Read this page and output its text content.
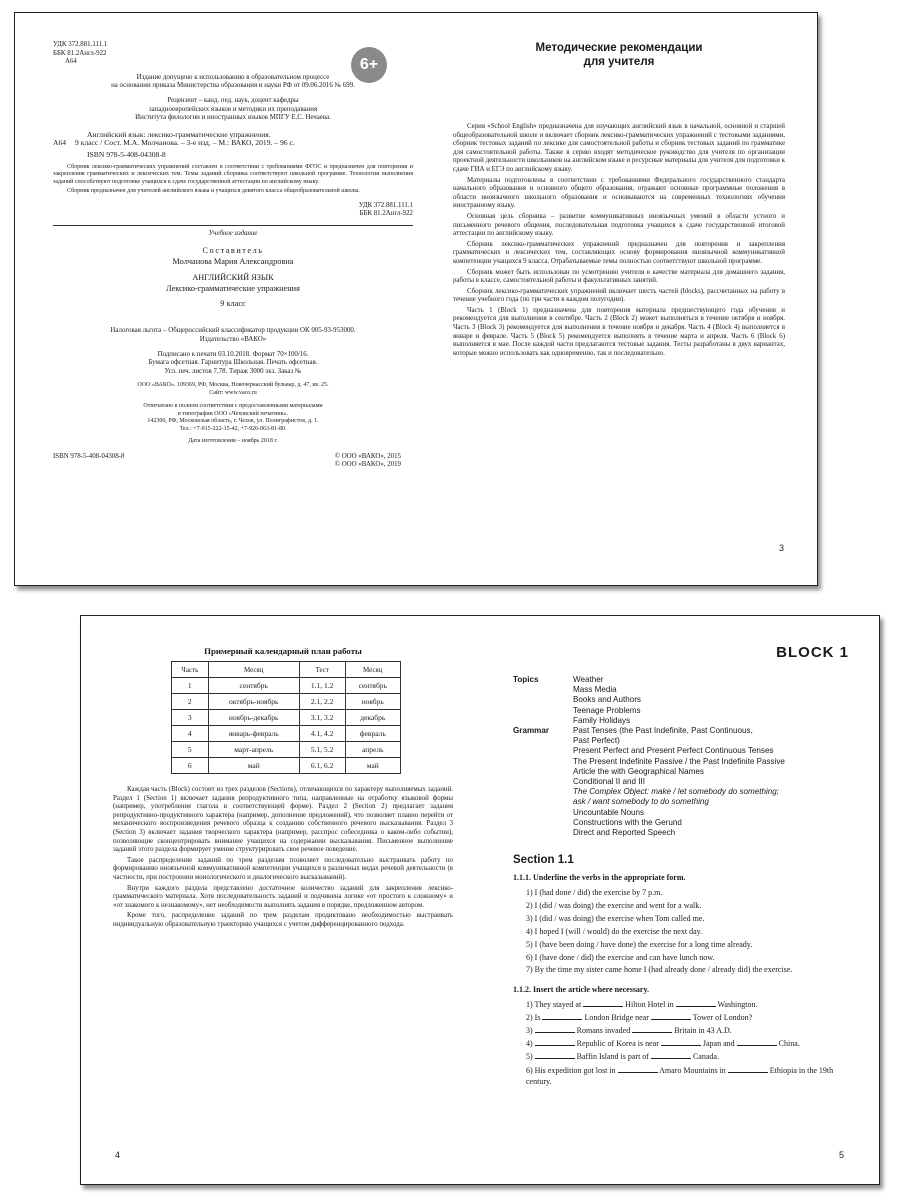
УДК 372.881.111.1
ББК 81.2Англ-922
А64	6+
Издание допущено к использованию в образовательном процессе
на основании приказа Министерства образования и науки РФ от 09.06.2016 № 699.
Рецензент – канд. пед. наук, доцент кафедры
западноевропейских языков и методики их преподавания
Института филологии и иностранных языков МПГУ Е.С. Нечаева.
Английский язык: лексико-грамматические упражнения.
А64	9 класс / Сост. М.А. Молчанова. – 3-е изд. – М.: ВАКО, 2019. – 96 с.
ISBN 978-5-408-04308-8
Сборник лексико-грамматических упражнений составлен в соответствии с требованиями ФГОС и предназначен для повторения и закрепления грамматических и лексических тем. Темы заданий сборника соответствуют школьной программе. Технологии выполнения заданий способствуют подготовке учащихся к сдаче государственной аттестации по английскому языку.
Сборник предназначен для учителей английского языка и учащихся девятого класса общеобразовательной школы.
УДК 372.881.111.1
ББК 81.2Англ-922
Учебное издание
Составитель
Молчанова Мария Александровна
АНГЛИЙСКИЙ ЯЗЫК
Лексико-грамматические упражнения
9 класс
Налоговая льгота – Общероссийский классификатор продукции ОК 005-93-953000.
Издательство «ВАКО»
Подписано к печати 03.10.2018. Формат 70×100/16.
Бумага офсетная. Гарнитура Школьная. Печать офсетная.
Усл. печ. листов 7,78. Тираж 3000 экз. Заказ №
ООО «ВАКО». 109369, РФ, Москва, Новочеркасский бульвар, д. 47, кв. 25.
Сайт: www.vaco.ru
Отпечатано в полном соответствии с предоставленными материалами
в типографии ООО «Чеховский печатник».
142300, РФ, Московская область, г. Чехов, ул. Полиграфистов, д. 1.
Тел.: +7-915-222-15-42, +7-926-063-81-80.
Дата изготовления – ноябрь 2018 г.
ISBN 978-5-408-04308-8	© ООО «ВАКО», 2015
© ООО «ВАКО», 2019
Методические рекомендации
для учителя
Серия «School English» предназначена для изучающих английский язык в начальной, основной и старшей общеобразовательной школе и включает сборник лексико-грамматических упражнений с тестовыми заданиями, сборник тестовых заданий по лексике для самостоятельной работы и сборник тестовых заданий по грамматике для самостоятельной работы. Также в серию входят методическое руководство для учителя по организации проектной деятельности школьников на английском языке и ресурсные материалы для учителя для подготовки к сдаче ГИА и ЕГЭ по английскому языку.
Материалы подготовлены в соответствии с требованиями Федерального государственного стандарта начального образования и основного общего образования, отражают основные программные положения в области иноязычного школьного образования и основываются на современных технологиях обучения иностранному языку.
Основная цель сборника – развитие коммуникативных иноязычных умений в области устного и письменного речевого общения, последовательная подготовка учащихся к сдаче государственной итоговой аттестации по английскому языку.
Сборник лексико-грамматических упражнений предназначен для повторения и закрепления грамматических и лексических тем, составляющих основу формирования иноязычной коммуникативной компетенции учащихся 9 класса. Отрабатываемые темы полностью соответствуют школьной программе.
Сборник может быть использован по усмотрению учителя в качестве материала для домашнего задания, работы в классе, самостоятельной работы и факультативных занятий.
Сборник лексико-грамматических упражнений включает шесть частей (blocks), рассчитанных на работу в течение учебного года (по три части в каждом полугодии).
Часть 1 (Block 1) предназначена для повторения материала предшествующего года обучения и рекомендуется для выполнения в сентябре. Часть 2 (Block 2) может выполняться в течение октября и ноября. Часть 3 (Block 3) рекомендуется для выполнения в течение ноября и декабря. Часть 4 (Block 4) выполняется в январе и феврале. Часть 5 (Block 5) рекомендуется выполнять в течение марта и апреля. Часть 6 (Block 6) выполняется в мае. После каждой части предлагаются тестовые задания. Тесты разработаны в двух вариантах, которые можно использовать как одновременно, так и последовательно.
3
Примерный календарный план работы
Часть	Месяц	Тест	Месяц
1	сентябрь	1.1, 1.2	сентябрь
2	октябрь-ноябрь	2.1, 2.2	ноябрь
3	ноябрь-декабрь	3.1, 3.2	декабрь
4	январь-февраль	4.1, 4.2	февраль
5	март-апрель	5.1, 5.2	апрель
6	май	6.1, 6.2	май
Каждая часть (Block) состоит из трех разделов (Sections), отличающихся по характеру выполняемых заданий. Раздел 1 (Section 1) включает задания репродуктивного типа, направленные на отработку языковой формы (например, употребление глагола в соответствующей форме). Раздел 2 (Section 2) предлагает задания репродуктивно-продуктивного характера (например, дополнение предложений), что позволяет плавно перейти от механического воспроизведения речевого образца к созданию собственного речевого высказывания. Раздел 3 (Section 3) включает задания творческого характера (например, расспрос собеседника о каком-либо событии), позволяющие сконцентрировать внимание учащихся на содержании высказывания. Письменное выполнение заданий этого раздела формирует умение структурировать свое речевое поведение.
Такое распределение заданий по трем разделам позволяет последовательно выстраивать работу по формированию иноязычной коммуникативной компетенции учащихся в различных видах речевой деятельности (в частности, при построении монологического и диалогического высказываний).
Внутри каждого раздела представлено достаточное количество заданий для закрепления лексико-грамматического материала. Хотя последовательность заданий и подчинена логике «от простого к сложному» и «от знакомого к незнакомому», нет необходимости выполнять задания в порядке, предложенном автором.
Кроме того, распределение заданий по трем разделам продиктовано необходимостью выстраивать индивидуальную образовательную траекторию учащихся с учетом дифференцированного подхода.
4
BLOCK 1
Topics	Weather
Mass Media
Books and Authors
Teenage Problems
Family Holidays
Grammar	Past Tenses (the Past Indefinite, Past Continuous,
Past Perfect)
Present Perfect and Present Perfect Continuous Tenses
The Present Indefinite Passive / the Past Indefinite Passive
Article the with Geographical Names
Conditional II and III
The Complex Object: make / let somebody do something;
ask / want somebody to do something
Uncountable Nouns
Constructions with the Gerund
Direct and Reported Speech
Section 1.1
1.1.1. Underline the verbs in the appropriate form.
1) I (had done / did) the exercise by 7 p.m.
2) I (did / was doing) the exercise and went for a walk.
3) I (did / was doing) the exercise when Tom called me.
4) I hoped I (will / would) do the exercise the next day.
5) I (have been doing / have done) the exercise for a long time already.
6) I (have done / did) the exercise and can have lunch now.
7) By the time my sister came home I (had already done / already did) the exercise.
1.1.2. Insert the article where necessary.
1) They stayed at	Hilton Hotel in	Washington.
2) Is	London Bridge near	Tower of London?
3)	Romans invaded	Britain in 43 A.D.
4)	Republic of Korea is near	Japan and	China.
5)	Baffin Island is part of	Canada.
6) His expedition got lost in	Amaro Mountains in	Ethiopia in the 19th century.
5
